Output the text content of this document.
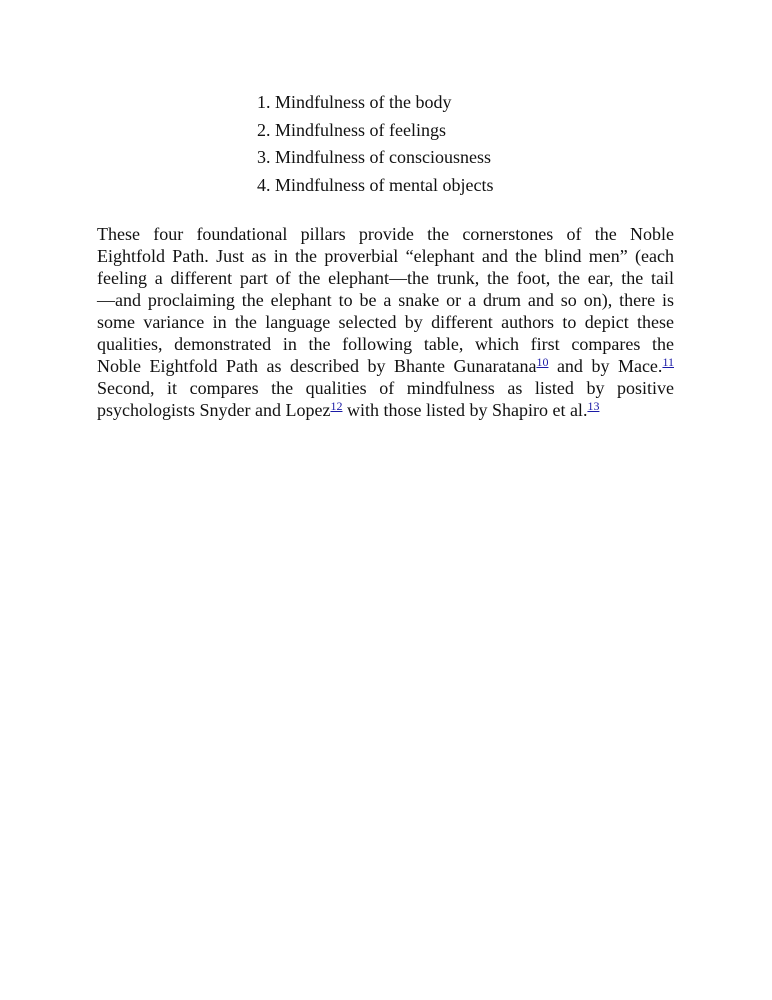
1. Mindfulness of the body
2. Mindfulness of feelings
3. Mindfulness of consciousness
4. Mindfulness of mental objects

These four foundational pillars provide the cornerstones of the Noble
Eightfold Path. Just as in the proverbial “elephant and the blind men” (each
feeling a different part of the elephant—the trunk, the foot, the ear, the tail
—and proclaiming the elephant to be a snake or a drum and so on), there is
some variance in the language selected by different authors to depict these
qualities, demonstrated in the following table, which first compares the
Noble Eightfold Path as described by Bhante Gunaratana$^{10}$ and by Mace.$^{11}$
Second, it compares the qualities of mindfulness as listed by positive
psychologists Snyder and Lopez$^{12}$ with those listed by Shapiro et al.$^{13}$
